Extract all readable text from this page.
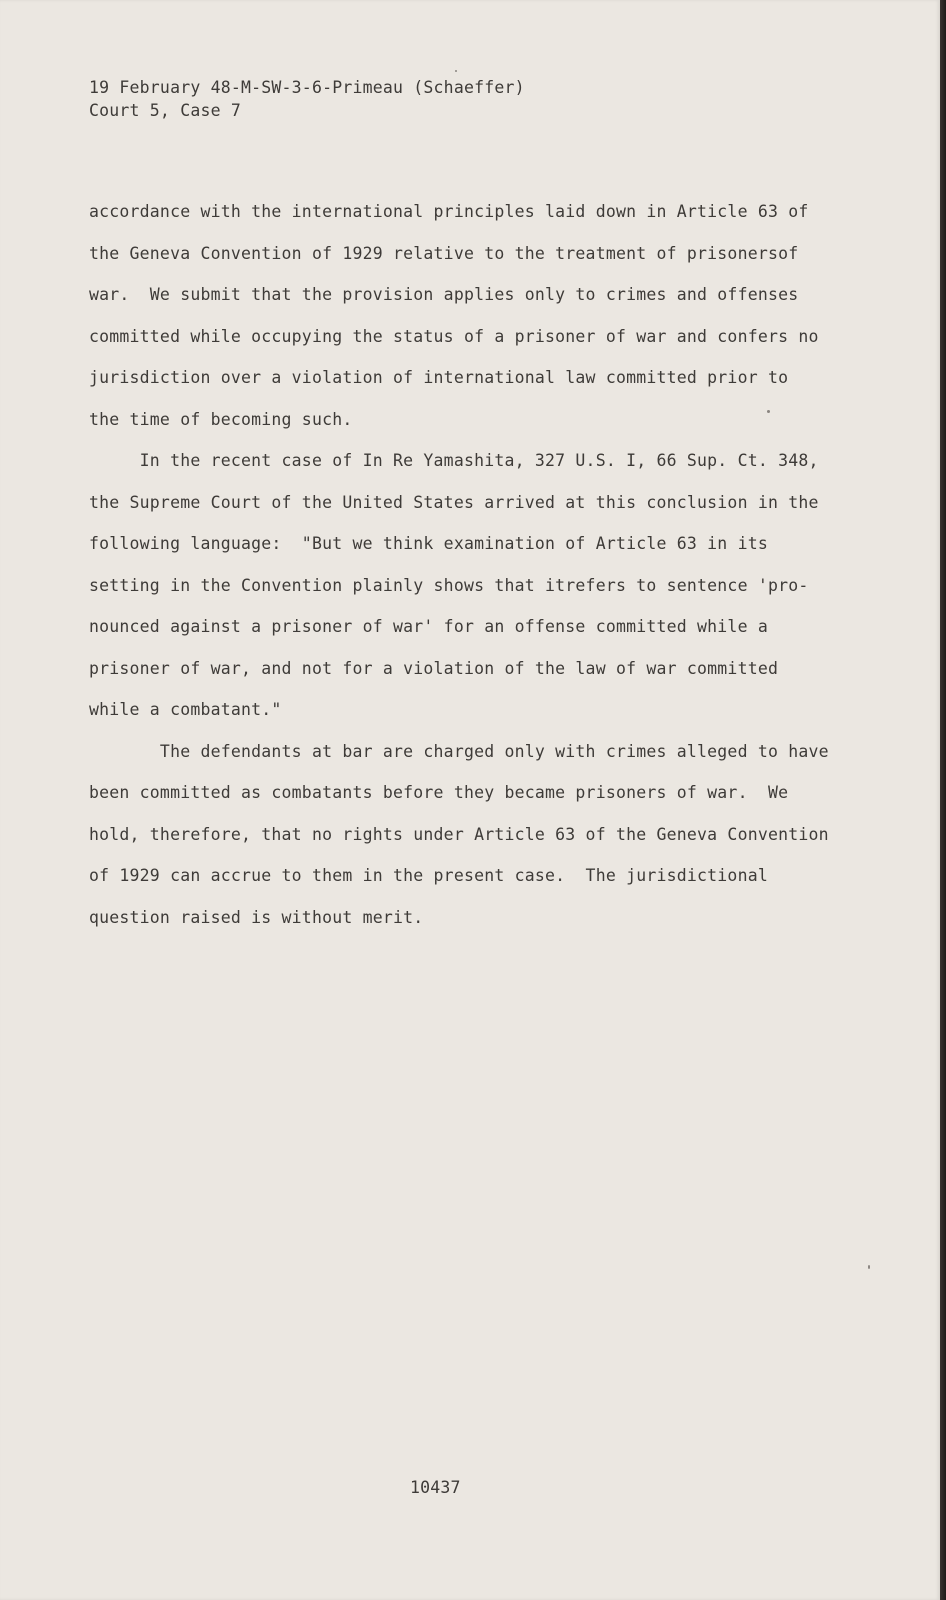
19 February 48-M-SW-3-6-Primeau (Schaeffer)
Court 5, Case 7
accordance with the international principles laid down in Article 63 of
the Geneva Convention of 1929 relative to the treatment of prisonersof
war.  We submit that the provision applies only to crimes and offenses
committed while occupying the status of a prisoner of war and confers no
jurisdiction over a violation of international law committed prior to
the time of becoming such.
In the recent case of In Re Yamashita, 327 U.S. I, 66 Sup. Ct. 348,
the Supreme Court of the United States arrived at this conclusion in the
following language:  "But we think examination of Article 63 in its
setting in the Convention plainly shows that itrefers to sentence 'pro-
nounced against a prisoner of war' for an offense committed while a
prisoner of war, and not for a violation of the law of war committed
while a combatant."
The defendants at bar are charged only with crimes alleged to have
been committed as combatants before they became prisoners of war.  We
hold, therefore, that no rights under Article 63 of the Geneva Convention
of 1929 can accrue to them in the present case.  The jurisdictional
question raised is without merit.
10437
